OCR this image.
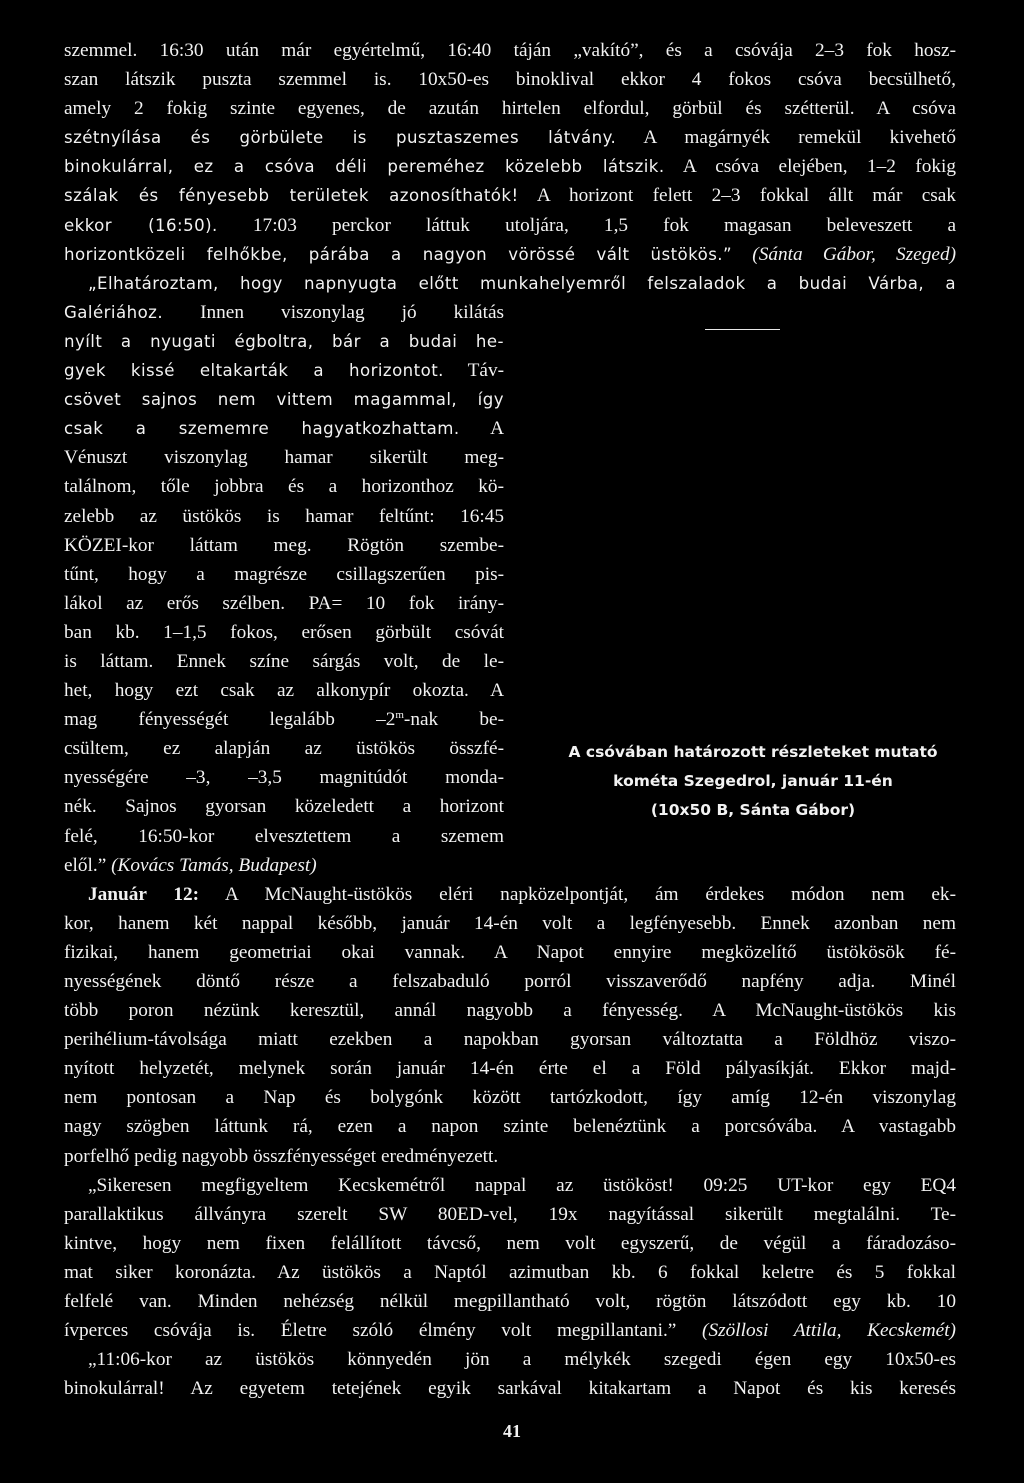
szemmel. 16:30 után már egyértelmű, 16:40 táján „vakító”, és a csóvája 2–3 fok hosz-
szan látszik puszta szemmel is. 10x50-es binoklival ekkor 4 fokos csóva becsülhető,
amely 2 fokig szinte egyenes, de azután hirtelen elfordul, görbül és szétterül. A csóva
szétnyílása és görbülete is pusztaszemes látvány. A magárnyék remekül kivehető
binokulárral, ez a csóva déli pereméhez közelebb látszik. A csóva elejében, 1–2 fokig
szálak és fényesebb területek azonosíthatók! A horizont felett 2–3 fokkal állt már csak
ekkor (16:50). 17:03 perckor láttuk utoljára, 1,5 fok magasan beleveszett a
horizontközeli felhőkbe, párába a nagyon vörössé vált üstökös.” (Sánta Gábor, Szeged)
„Elhatároztam, hogy napnyugta előtt munkahelyemről felszaladok a budai Várba, a
Galériához. Innen viszonylag jó kilátás
nyílt a nyugati égboltra, bár a budai he-
gyek kissé eltakarták a horizontot. Táv-
csövet sajnos nem vittem magammal, így
csak a szememre hagyatkozhattam. A
Vénuszt viszonylag hamar sikerült meg-
találnom, tőle jobbra és a horizonthoz kö-
zelebb az üstökös is hamar feltűnt: 16:45
KÖZEI-kor láttam meg. Rögtön szembe-
tűnt, hogy a magrésze csillagszerűen pis-
lákol az erős szélben. PA= 10 fok irány-
ban kb. 1–1,5 fokos, erősen görbült csóvát
is láttam. Ennek színe sárgás volt, de le-
het, hogy ezt csak az alkonypír okozta. A
mag fényességét legalább –2$^m$-nak be-
csültem, ez alapján az üstökös összfé-
nyességére –3, –3,5 magnitúdót monda-
nék. Sajnos gyorsan közeledett a horizont
felé, 16:50-kor elvesztettem a szemem
elől.” (Kovács Tamás, Budapest)
Január 12: A McNaught-üstökös eléri napközelpontját, ám érdekes módon nem ek-
kor, hanem két nappal később, január 14-én volt a legfényesebb. Ennek azonban nem
fizikai, hanem geometriai okai vannak. A Napot ennyire megközelítő üstökösök fé-
nyességének döntő része a felszabaduló porról visszaverődő napfény adja. Minél
több poron nézünk keresztül, annál nagyobb a fényesség. A McNaught-üstökös kis
perihélium-távolsága miatt ezekben a napokban gyorsan változtatta a Földhöz viszo-
nyított helyzetét, melynek során január 14-én érte el a Föld pályasíkját. Ekkor majd-
nem pontosan a Nap és bolygónk között tartózkodott, így amíg 12-én viszonylag
nagy szögben láttunk rá, ezen a napon szinte belenéztünk a porcsóvába. A vastagabb
porfelhő pedig nagyobb összfényességet eredményezett.
„Sikeresen megfigyeltem Kecskemétről nappal az üstököst! 09:25 UT-kor egy EQ4
parallaktikus állványra szerelt SW 80ED-vel, 19x nagyítással sikerült megtalálni. Te-
kintve, hogy nem fixen felállított távcső, nem volt egyszerű, de végül a fáradozáso-
mat siker koronázta. Az üstökös a Naptól azimutban kb. 6 fokkal keletre és 5 fokkal
felfelé van. Minden nehézség nélkül megpillantható volt, rögtön látszódott egy kb. 10
ívperces csóvája is. Életre szóló élmény volt megpillantani.” (Szöllosi Attila, Kecskemét)
„11:06-kor az üstökös könnyedén jön a mélykék szegedi égen egy 10x50-es
binokulárral! Az egyetem tetejének egyik sarkával kitakartam a Napot és kis keresés
A csóvában határozott részleteket mutató
kométa Szegedrol, január 11-én
(10x50 B, Sánta Gábor)
41
